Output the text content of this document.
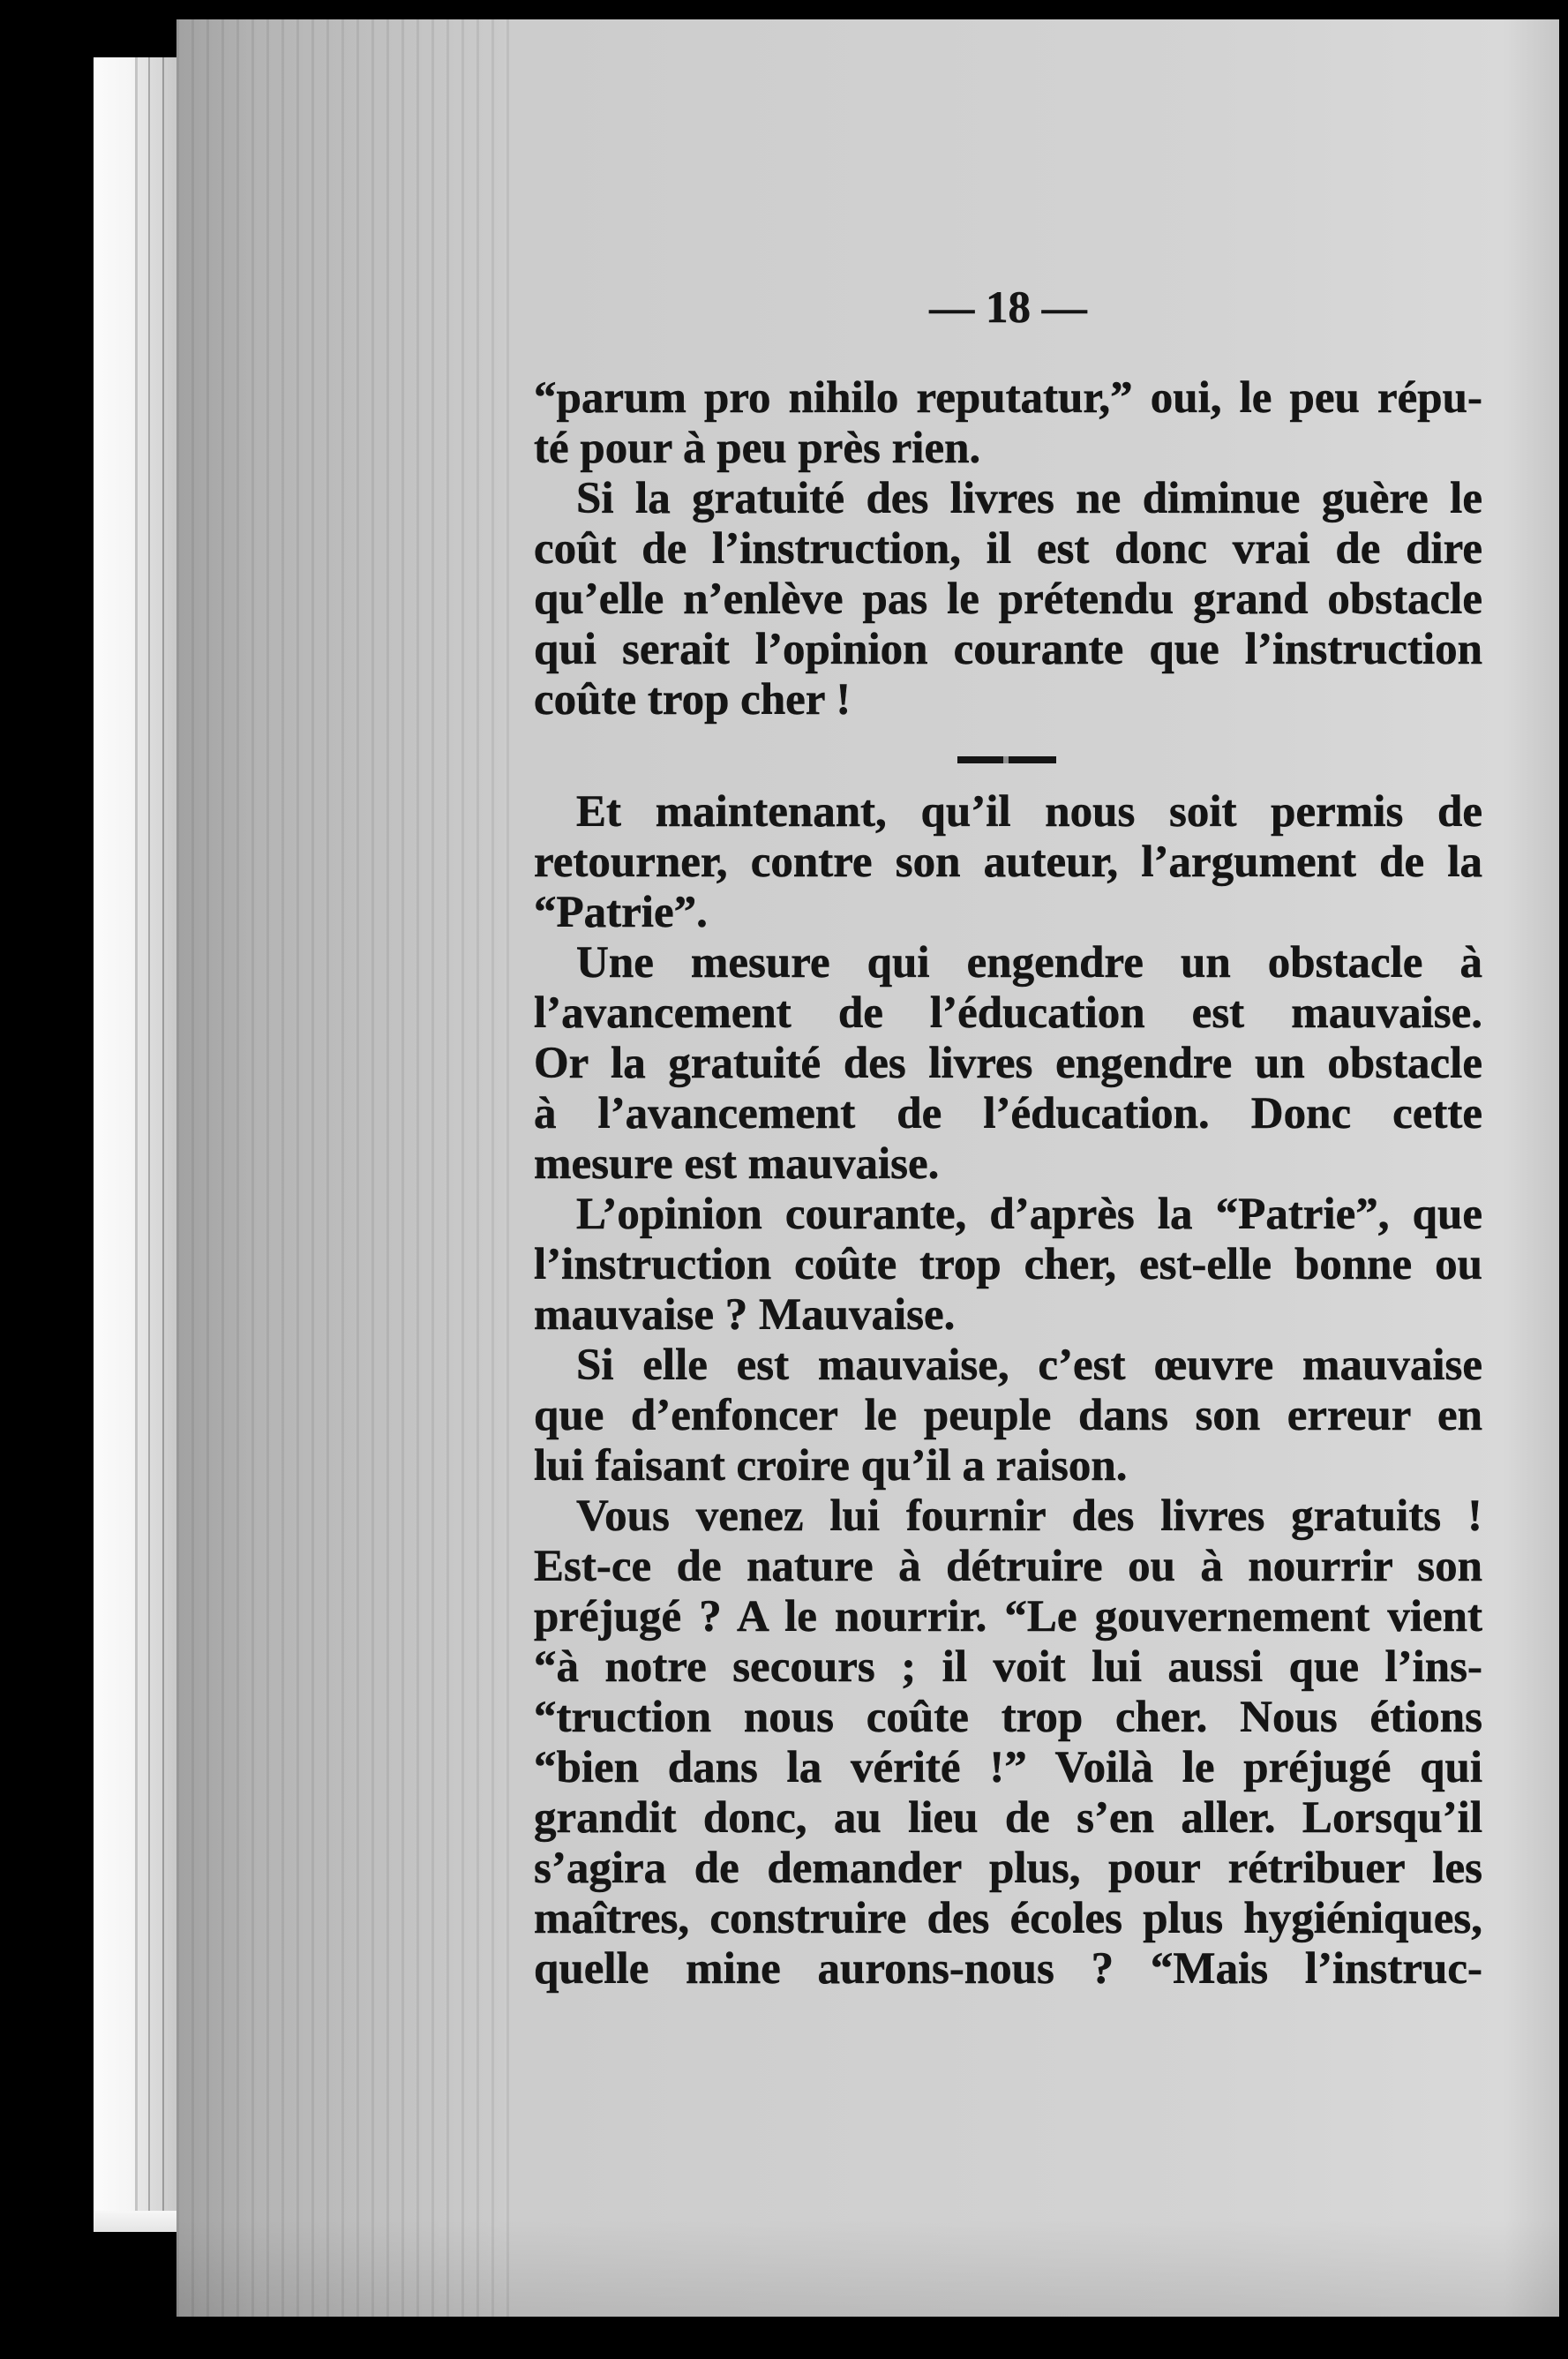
— 18 —
“parum pro nihilo reputatur,” oui, le peu répu-
té pour à peu près rien.
Si la gratuité des livres ne diminue guère le
coût de l’instruction, il est donc vrai de dire
qu’elle n’enlève pas le prétendu grand obstacle
qui serait l’opinion courante que l’instruction
coûte trop cher !
Et maintenant, qu’il nous soit permis de
retourner, contre son auteur, l’argument de la
“Patrie”.
Une mesure qui engendre un obstacle à
l’avancement de l’éducation est mauvaise.
Or la gratuité des livres engendre un obstacle
à l’avancement de l’éducation. Donc cette
mesure est mauvaise.
L’opinion courante, d’après la “Patrie”, que
l’instruction coûte trop cher, est-elle bonne ou
mauvaise ? Mauvaise.
Si elle est mauvaise, c’est œuvre mauvaise
que d’enfoncer le peuple dans son erreur en
lui faisant croire qu’il a raison.
Vous venez lui fournir des livres gratuits !
Est-ce de nature à détruire ou à nourrir son
préjugé ? A le nourrir. “Le gouvernement vient
“à notre secours ; il voit lui aussi que l’ins-
“truction nous coûte trop cher. Nous étions
“bien dans la vérité !” Voilà le préjugé qui
grandit donc, au lieu de s’en aller. Lorsqu’il
s’agira de demander plus, pour rétribuer les
maîtres, construire des écoles plus hygiéniques,
quelle mine aurons-nous ? “Mais l’instruc-
